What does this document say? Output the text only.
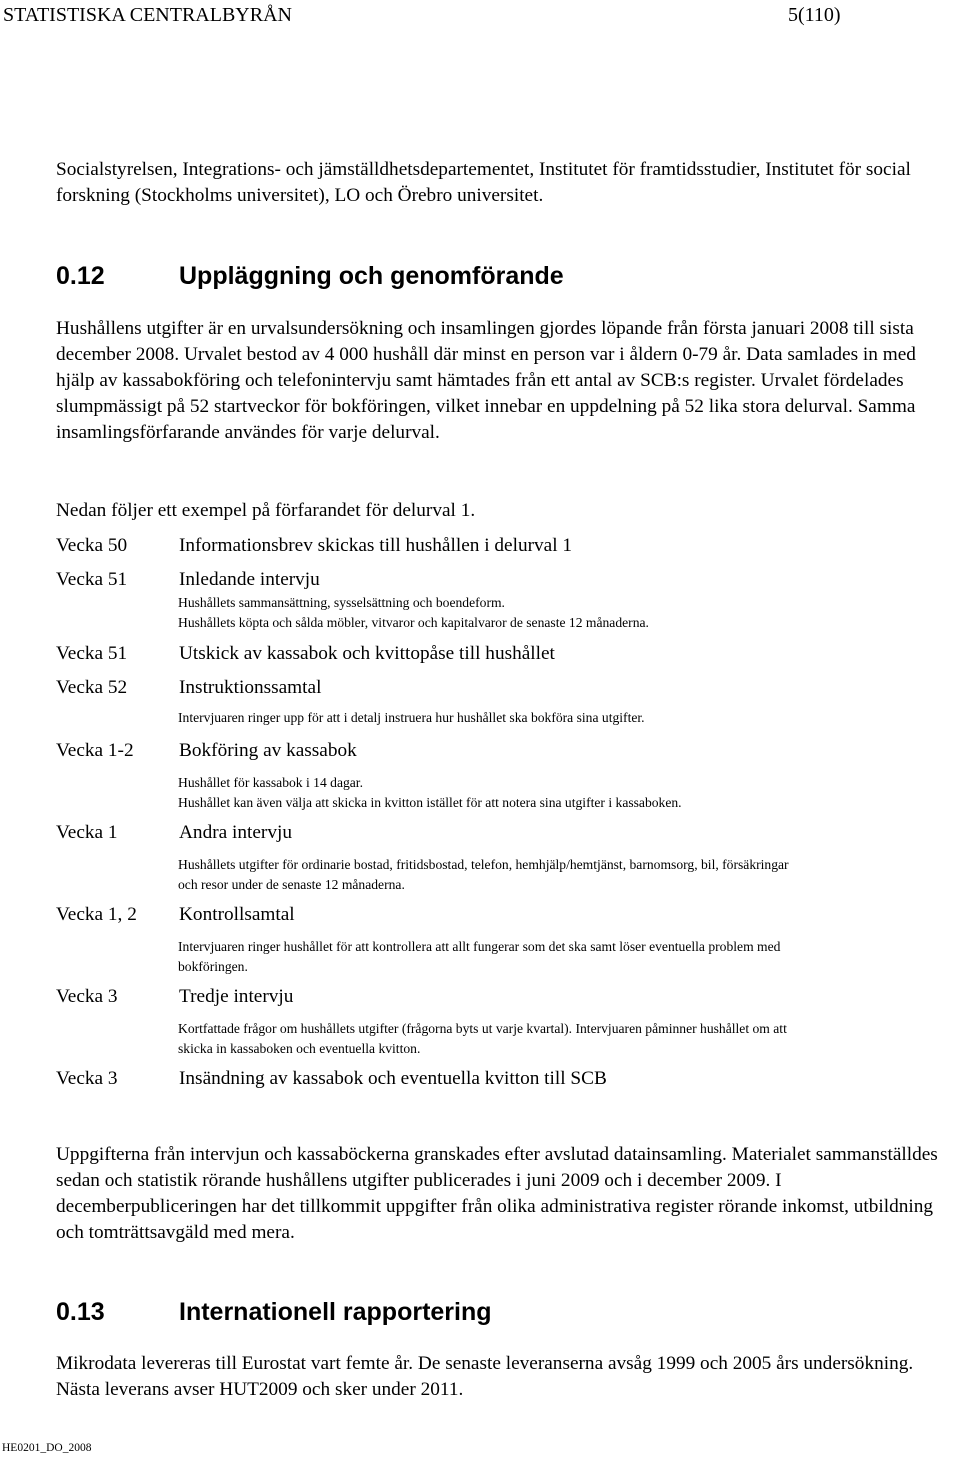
STATISTISKA CENTRALBYRÅN	5(110)

Socialstyrelsen, Integrations- och jämställdhetsdepartementet, Institutet för framtidsstudier, Institutet för social forskning (Stockholms universitet), LO och Örebro universitet.

0.12	Uppläggning och genomförande

Hushållens utgifter är en urvalsundersökning och insamlingen gjordes löpande från första januari 2008 till sista december 2008. Urvalet bestod av 4 000 hushåll där minst en person var i åldern 0-79 år. Data samlades in med hjälp av kassabokföring och telefonintervju samt hämtades från ett antal av SCB:s register. Urvalet fördelades slumpmässigt på 52 startveckor för bokföringen, vilket innebar en uppdelning på 52 lika stora delurval. Samma insamlingsförfarande användes för varje delurval.

Nedan följer ett exempel på förfarandet för delurval 1.

Vecka 50	Informationsbrev skickas till hushållen i delurval 1
Vecka 51	Inledande intervju

Hushållets sammansättning, sysselsättning och boendeform.
Hushållets köpta och sålda möbler, vitvaror och kapitalvaror de senaste 12 månaderna.

Vecka 51	Utskick av kassabok och kvittopåse till hushållet
Vecka 52	Instruktionssamtal

Intervjuaren ringer upp för att i detalj instruera hur hushållet ska bokföra sina utgifter.

Vecka 1-2 Bokföring av kassabok

Hushållet för kassabok i 14 dagar.
Hushållet kan även välja att skicka in kvitton istället för att notera sina utgifter i kassaboken.

Vecka 1	Andra intervju

Hushållets utgifter för ordinarie bostad, fritidsbostad, telefon, hemhjälp/hemtjänst, barnomsorg, bil, försäkringar
och resor under de senaste 12 månaderna.

Vecka 1, 2 Kontrollsamtal

Intervjuaren ringer hushållet för att kontrollera att allt fungerar som det ska samt löser eventuella problem med
bokföringen.

Vecka 3	Tredje intervju

Kortfattade frågor om hushållets utgifter (frågorna byts ut varje kvartal). Intervjuaren påminner hushållet om att
skicka in kassaboken och eventuella kvitton.

Vecka 3	Insändning av kassabok och eventuella kvitton till SCB

Uppgifterna från intervjun och kassaböckerna granskades efter avslutad datainsamling. Materialet sammanställdes sedan och statistik rörande hushållens utgifter publicerades i juni 2009 och i december 2009. I decemberpubliceringen har det tillkommit uppgifter från olika administrativa register rörande inkomst, utbildning och tomträttsavgäld med mera.

0.13	Internationell rapportering

Mikrodata levereras till Eurostat vart femte år. De senaste leveranserna avsåg 1999 och 2005 års undersökning. Nästa leverans avser HUT2009 och sker under 2011.

HE0201_DO_2008
